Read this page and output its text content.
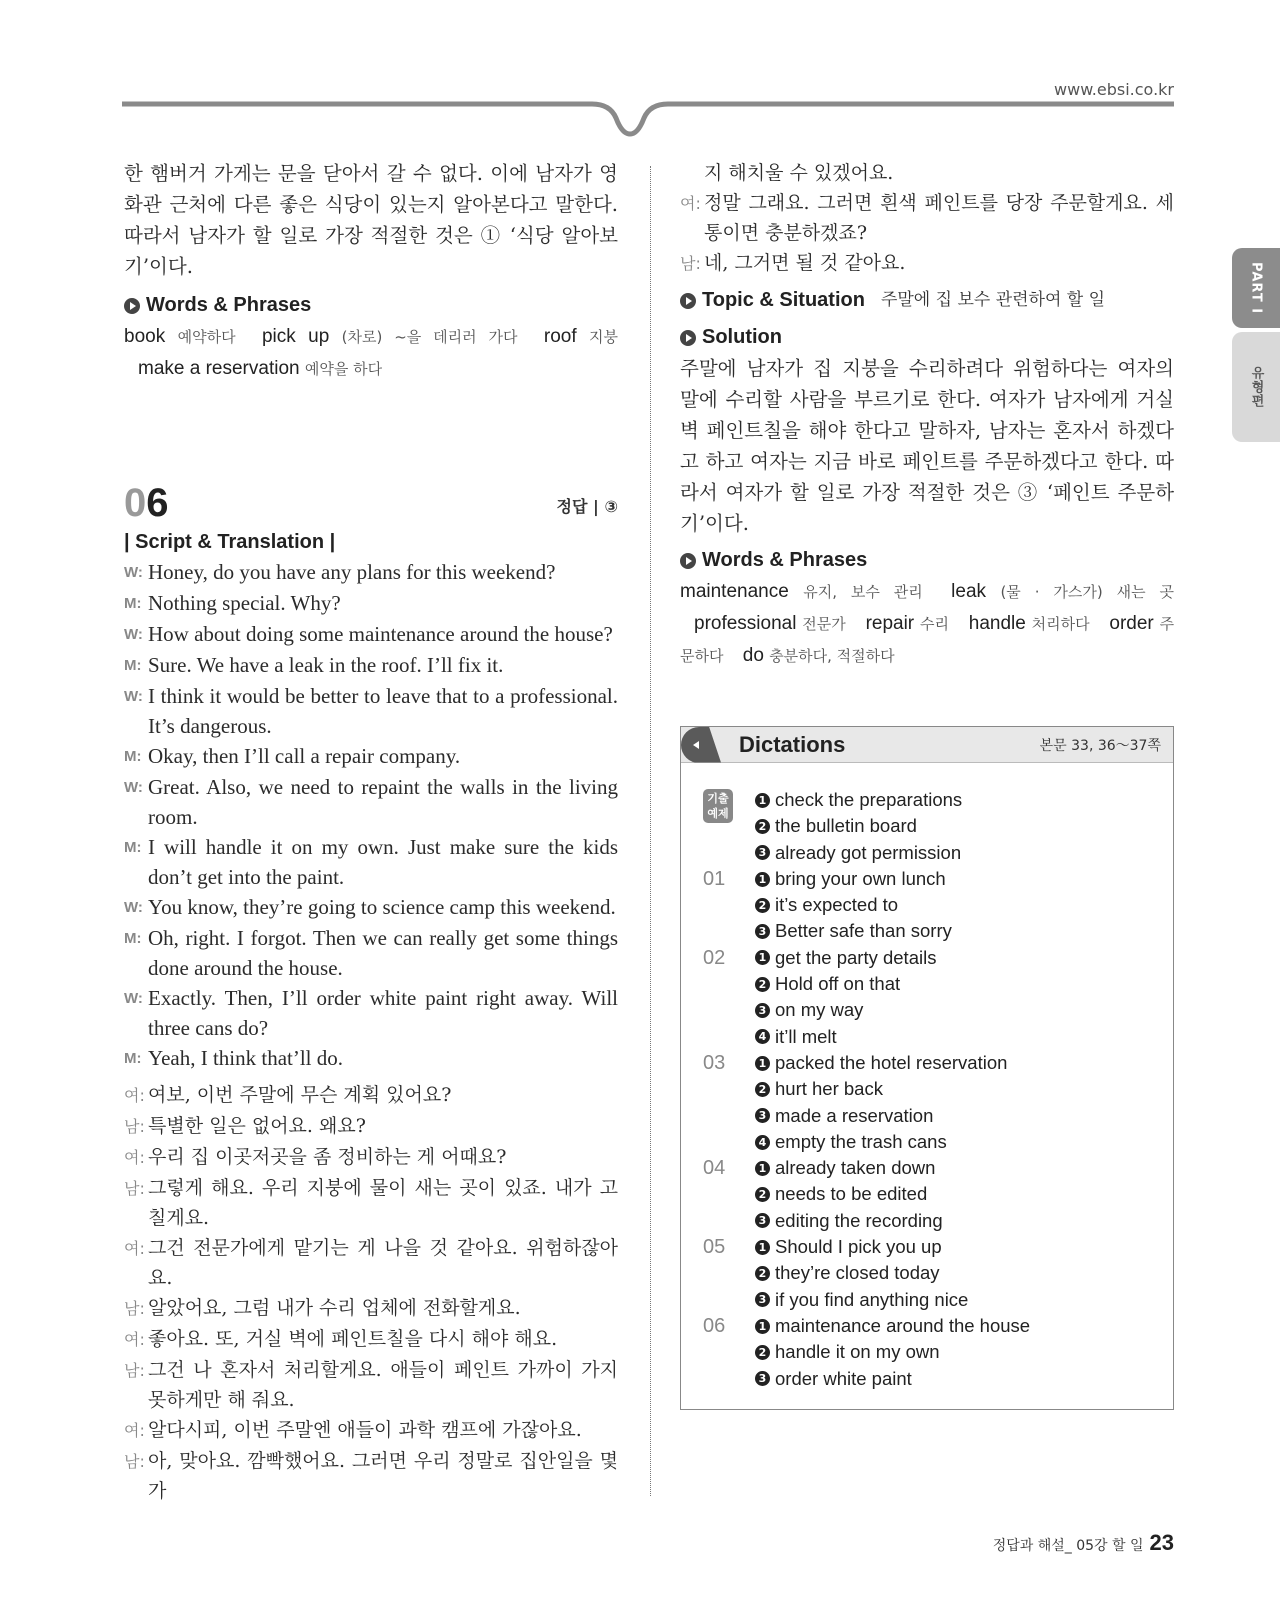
www.ebsi.co.kr
PART I
유형편

한 햄버거 가게는 문을 닫아서 갈 수 없다. 이에 남자가 영화관 근처에 다른 좋은 식당이 있는지 알아본다고 말한다. 따라서 남자가 할 일로 가장 적절한 것은 ① ‘식당 알아보기’이다.

Words & Phrases
book 예약하다 pick up (차로) ~을 데리러 가다 roof 지붕 make a reservation 예약을 하다
06	정답 | ③
| Script & Translation |
W: Honey, do you have any plans for this weekend?
M: Nothing special. Why?
W: How about doing some maintenance around the house?
M: Sure. We have a leak in the roof. I’ll fix it.
W: I think it would be better to leave that to a professional. It’s dangerous.
M: Okay, then I’ll call a repair company.
W: Great. Also, we need to repaint the walls in the living room.
M: I will handle it on my own. Just make sure the kids don’t get into the paint.
W: You know, they’re going to science camp this weekend.
M: Oh, right. I forgot. Then we can really get some things done around the house.
W: Exactly. Then, I’ll order white paint right away. Will three cans do?
M: Yeah, I think that’ll do.
여: 여보, 이번 주말에 무슨 계획 있어요?
남: 특별한 일은 없어요. 왜요?
여: 우리 집 이곳저곳을 좀 정비하는 게 어때요?
남: 그렇게 해요. 우리 지붕에 물이 새는 곳이 있죠. 내가 고칠게요.
여: 그건 전문가에게 맡기는 게 나을 것 같아요. 위험하잖아요.
남: 알았어요, 그럼 내가 수리 업체에 전화할게요.
여: 좋아요. 또, 거실 벽에 페인트칠을 다시 해야 해요.
남: 그건 나 혼자서 처리할게요. 애들이 페인트 가까이 가지 못하게만 해 줘요.
여: 알다시피, 이번 주말엔 애들이 과학 캠프에 가잖아요.
남: 아, 맞아요. 깜빡했어요. 그러면 우리 정말로 집안일을 몇 가
지 해치울 수 있겠어요.
여: 정말 그래요. 그러면 흰색 페인트를 당장 주문할게요. 세 통이면 충분하겠죠?
남: 네, 그거면 될 것 같아요.
Topic & Situation 주말에 집 보수 관련하여 할 일
Solution

주말에 남자가 집 지붕을 수리하려다 위험하다는 여자의 말에 수리할 사람을 부르기로 한다. 여자가 남자에게 거실 벽 페인트칠을 해야 한다고 말하자, 남자는 혼자서 하겠다고 하고 여자는 지금 바로 페인트를 주문하겠다고 한다. 따라서 여자가 할 일로 가장 적절한 것은 ③ ‘페인트 주문하기’이다.

Words & Phrases
maintenance 유지, 보수 관리 leak (물 · 가스가) 새는 곳 professional 전문가 repair 수리 handle 처리하다 order 주문하다 do 충분하다, 적절하다
Dictations	본문 33, 36～37쪽
기출
예제
1 check the preparations
2 the bulletin board
3 already got permission
01	1 bring your own lunch
2 it’s expected to
3 Better safe than sorry
02	1 get the party details
2 Hold off on that
3 on my way
4 it’ll melt
03	1 packed the hotel reservation
2 hurt her back
3 made a reservation
4 empty the trash cans
04	1 already taken down
2 needs to be edited
3 editing the recording
05	1 Should I pick you up
2 they’re closed today
3 if you find anything nice
06	1 maintenance around the house
2 handle it on my own
3 order white paint
정답과 해설_ 05강 할 일 23
